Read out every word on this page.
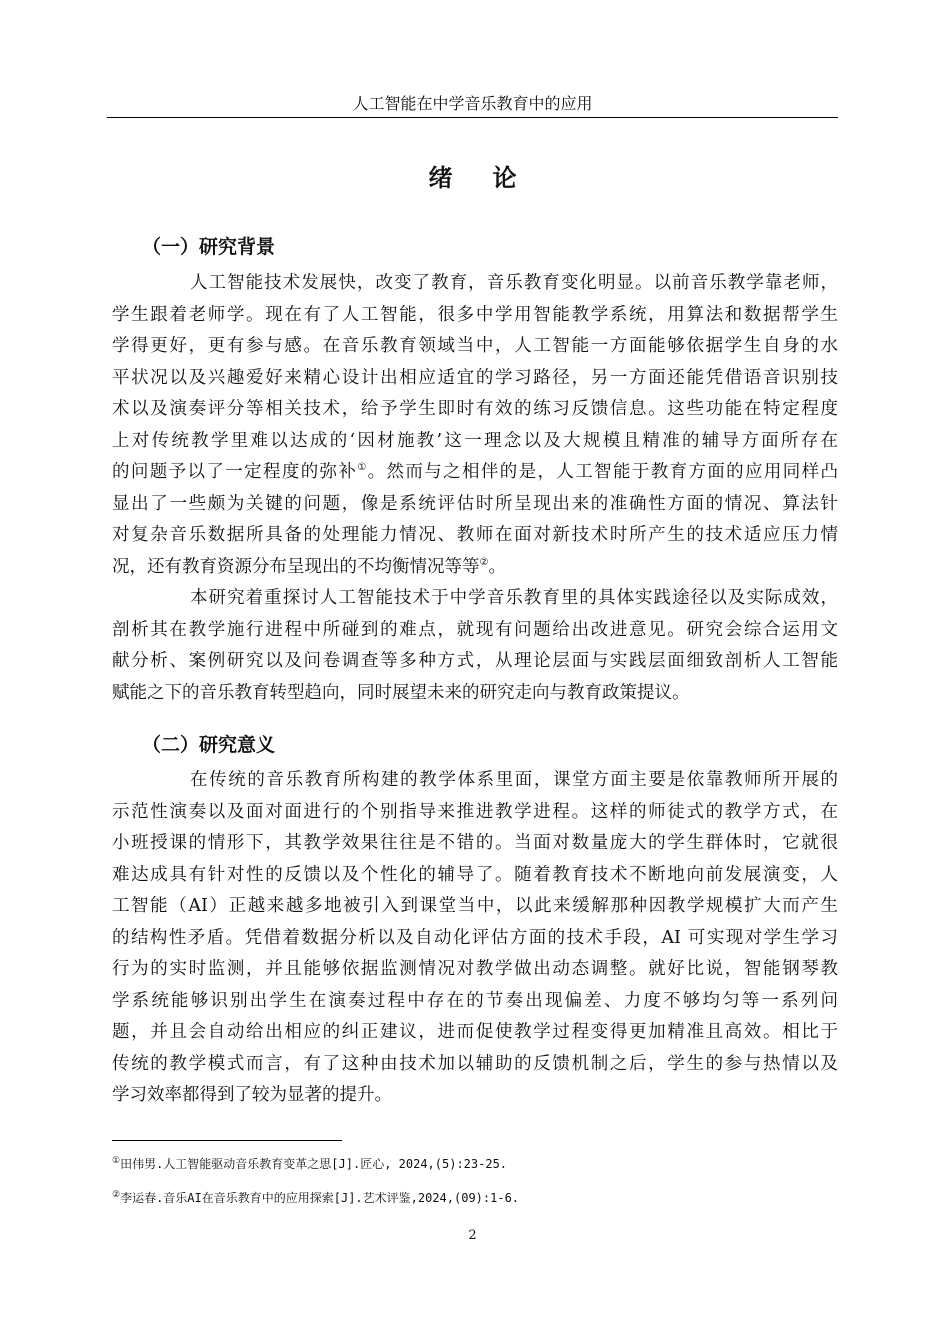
人工智能在中学音乐教育中的应用
绪论
（一）研究背景
人工智能技术发展快，改变了教育，音乐教育变化明显。以前音乐教学靠老师，
学生跟着老师学。现在有了人工智能，很多中学用智能教学系统，用算法和数据帮学生
学得更好，更有参与感。在音乐教育领域当中，人工智能一方面能够依据学生自身的水
平状况以及兴趣爱好来精心设计出相应适宜的学习路径，另一方面还能凭借语音识别技
术以及演奏评分等相关技术，给予学生即时有效的练习反馈信息。这些功能在特定程度
上对传统教学里难以达成的‘因材施教’这一理念以及大规模且精准的辅导方面所存在
的问题予以了一定程度的弥补①。然而与之相伴的是，人工智能于教育方面的应用同样凸
显出了一些颇为关键的问题，像是系统评估时所呈现出来的准确性方面的情况、算法针
对复杂音乐数据所具备的处理能力情况、教师在面对新技术时所产生的技术适应压力情
况，还有教育资源分布呈现出的不均衡情况等等②。
本研究着重探讨人工智能技术于中学音乐教育里的具体实践途径以及实际成效，
剖析其在教学施行进程中所碰到的难点，就现有问题给出改进意见。研究会综合运用文
献分析、案例研究以及问卷调查等多种方式，从理论层面与实践层面细致剖析人工智能
赋能之下的音乐教育转型趋向，同时展望未来的研究走向与教育政策提议。
（二）研究意义
在传统的音乐教育所构建的教学体系里面，课堂方面主要是依靠教师所开展的
示范性演奏以及面对面进行的个别指导来推进教学进程。这样的师徒式的教学方式，在
小班授课的情形下，其教学效果往往是不错的。当面对数量庞大的学生群体时，它就很
难达成具有针对性的反馈以及个性化的辅导了。随着教育技术不断地向前发展演变，人
工智能（AI）正越来越多地被引入到课堂当中，以此来缓解那种因教学规模扩大而产生
的结构性矛盾。凭借着数据分析以及自动化评估方面的技术手段，AI 可实现对学生学习
行为的实时监测，并且能够依据监测情况对教学做出动态调整。就好比说，智能钢琴教
学系统能够识别出学生在演奏过程中存在的节奏出现偏差、力度不够均匀等一系列问
题，并且会自动给出相应的纠正建议，进而促使教学过程变得更加精准且高效。相比于
传统的教学模式而言，有了这种由技术加以辅助的反馈机制之后，学生的参与热情以及
学习效率都得到了较为显著的提升。
①田伟男.人工智能驱动音乐教育变革之思[J].匠心, 2024,(5):23-25.
②李运春.音乐AI在音乐教育中的应用探索[J].艺术评鉴,2024,(09):1-6.
2
